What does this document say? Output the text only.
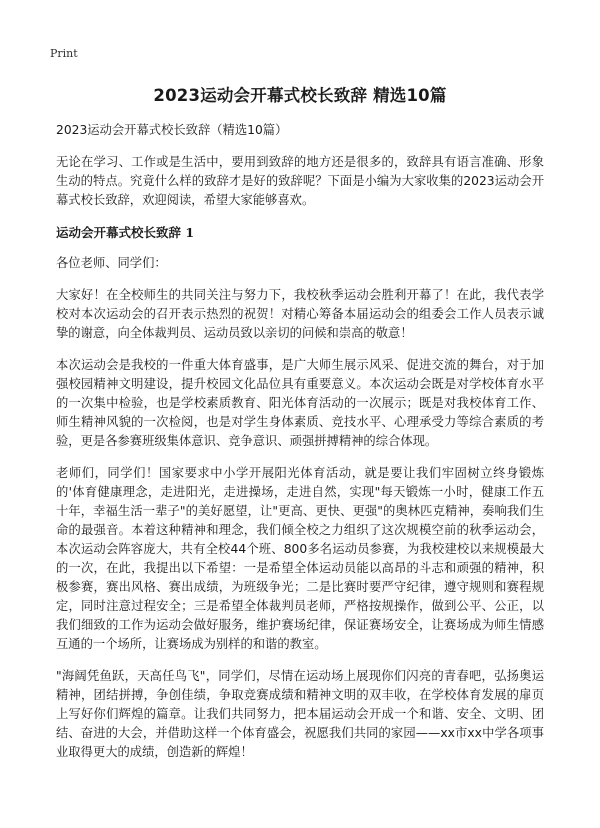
Print
2023运动会开幕式校长致辞 精选10篇
2023运动会开幕式校长致辞（精选10篇）
无论在学习、工作或是生活中，要用到致辞的地方还是很多的，致辞具有语言准确、形象生动的特点。究竟什么样的致辞才是好的致辞呢？下面是小编为大家收集的2023运动会开幕式校长致辞，欢迎阅读，希望大家能够喜欢。
运动会开幕式校长致辞 1
各位老师、同学们：
大家好！在全校师生的共同关注与努力下，我校秋季运动会胜利开幕了！在此，我代表学校对本次运动会的召开表示热烈的祝贺！对精心筹备本届运动会的组委会工作人员表示诚挚的谢意，向全体裁判员、运动员致以亲切的问候和崇高的敬意！
本次运动会是我校的一件重大体育盛事，是广大师生展示风采、促进交流的舞台，对于加强校园精神文明建设，提升校园文化品位具有重要意义。本次运动会既是对学校体育水平的一次集中检验，也是学校素质教育、阳光体育活动的一次展示；既是对我校体育工作、师生精神风貌的一次检阅，也是对学生身体素质、竞技水平、心理承受力等综合素质的考验，更是各参赛班级集体意识、竞争意识、顽强拼搏精神的综合体现。
老师们，同学们！国家要求中小学开展阳光体育活动，就是要让我们牢固树立终身锻炼的'体育健康理念，走进阳光，走进操场，走进自然，实现"每天锻炼一小时，健康工作五十年，幸福生活一辈子"的美好愿望，让"更高、更快、更强"的奥林匹克精神，奏响我们生命的最强音。本着这种精神和理念，我们倾全校之力组织了这次规模空前的秋季运动会，本次运动会阵容庞大，共有全校44个班、800多名运动员参赛，为我校建校以来规模最大的一次，在此，我提出以下希望：一是希望全体运动员能以高昂的斗志和顽强的精神，积极参赛，赛出风格、赛出成绩，为班级争光；二是比赛时要严守纪律，遵守规则和赛程规定，同时注意过程安全；三是希望全体裁判员老师，严格按规操作，做到公平、公正，以我们细致的工作为运动会做好服务，维护赛场纪律，保证赛场安全，让赛场成为师生情感互通的一个场所，让赛场成为别样的和谐的教室。
"海阔凭鱼跃，天高任鸟飞"，同学们，尽情在运动场上展现你们闪亮的青春吧，弘扬奥运精神，团结拼搏，争创佳绩，争取竞赛成绩和精神文明的双丰收，在学校体育发展的扉页上写好你们辉煌的篇章。让我们共同努力，把本届运动会开成一个和谐、安全、文明、团结、奋进的大会，并借助这样一个体育盛会，祝愿我们共同的家园——xx市xx中学各项事业取得更大的成绩，创造新的辉煌！
